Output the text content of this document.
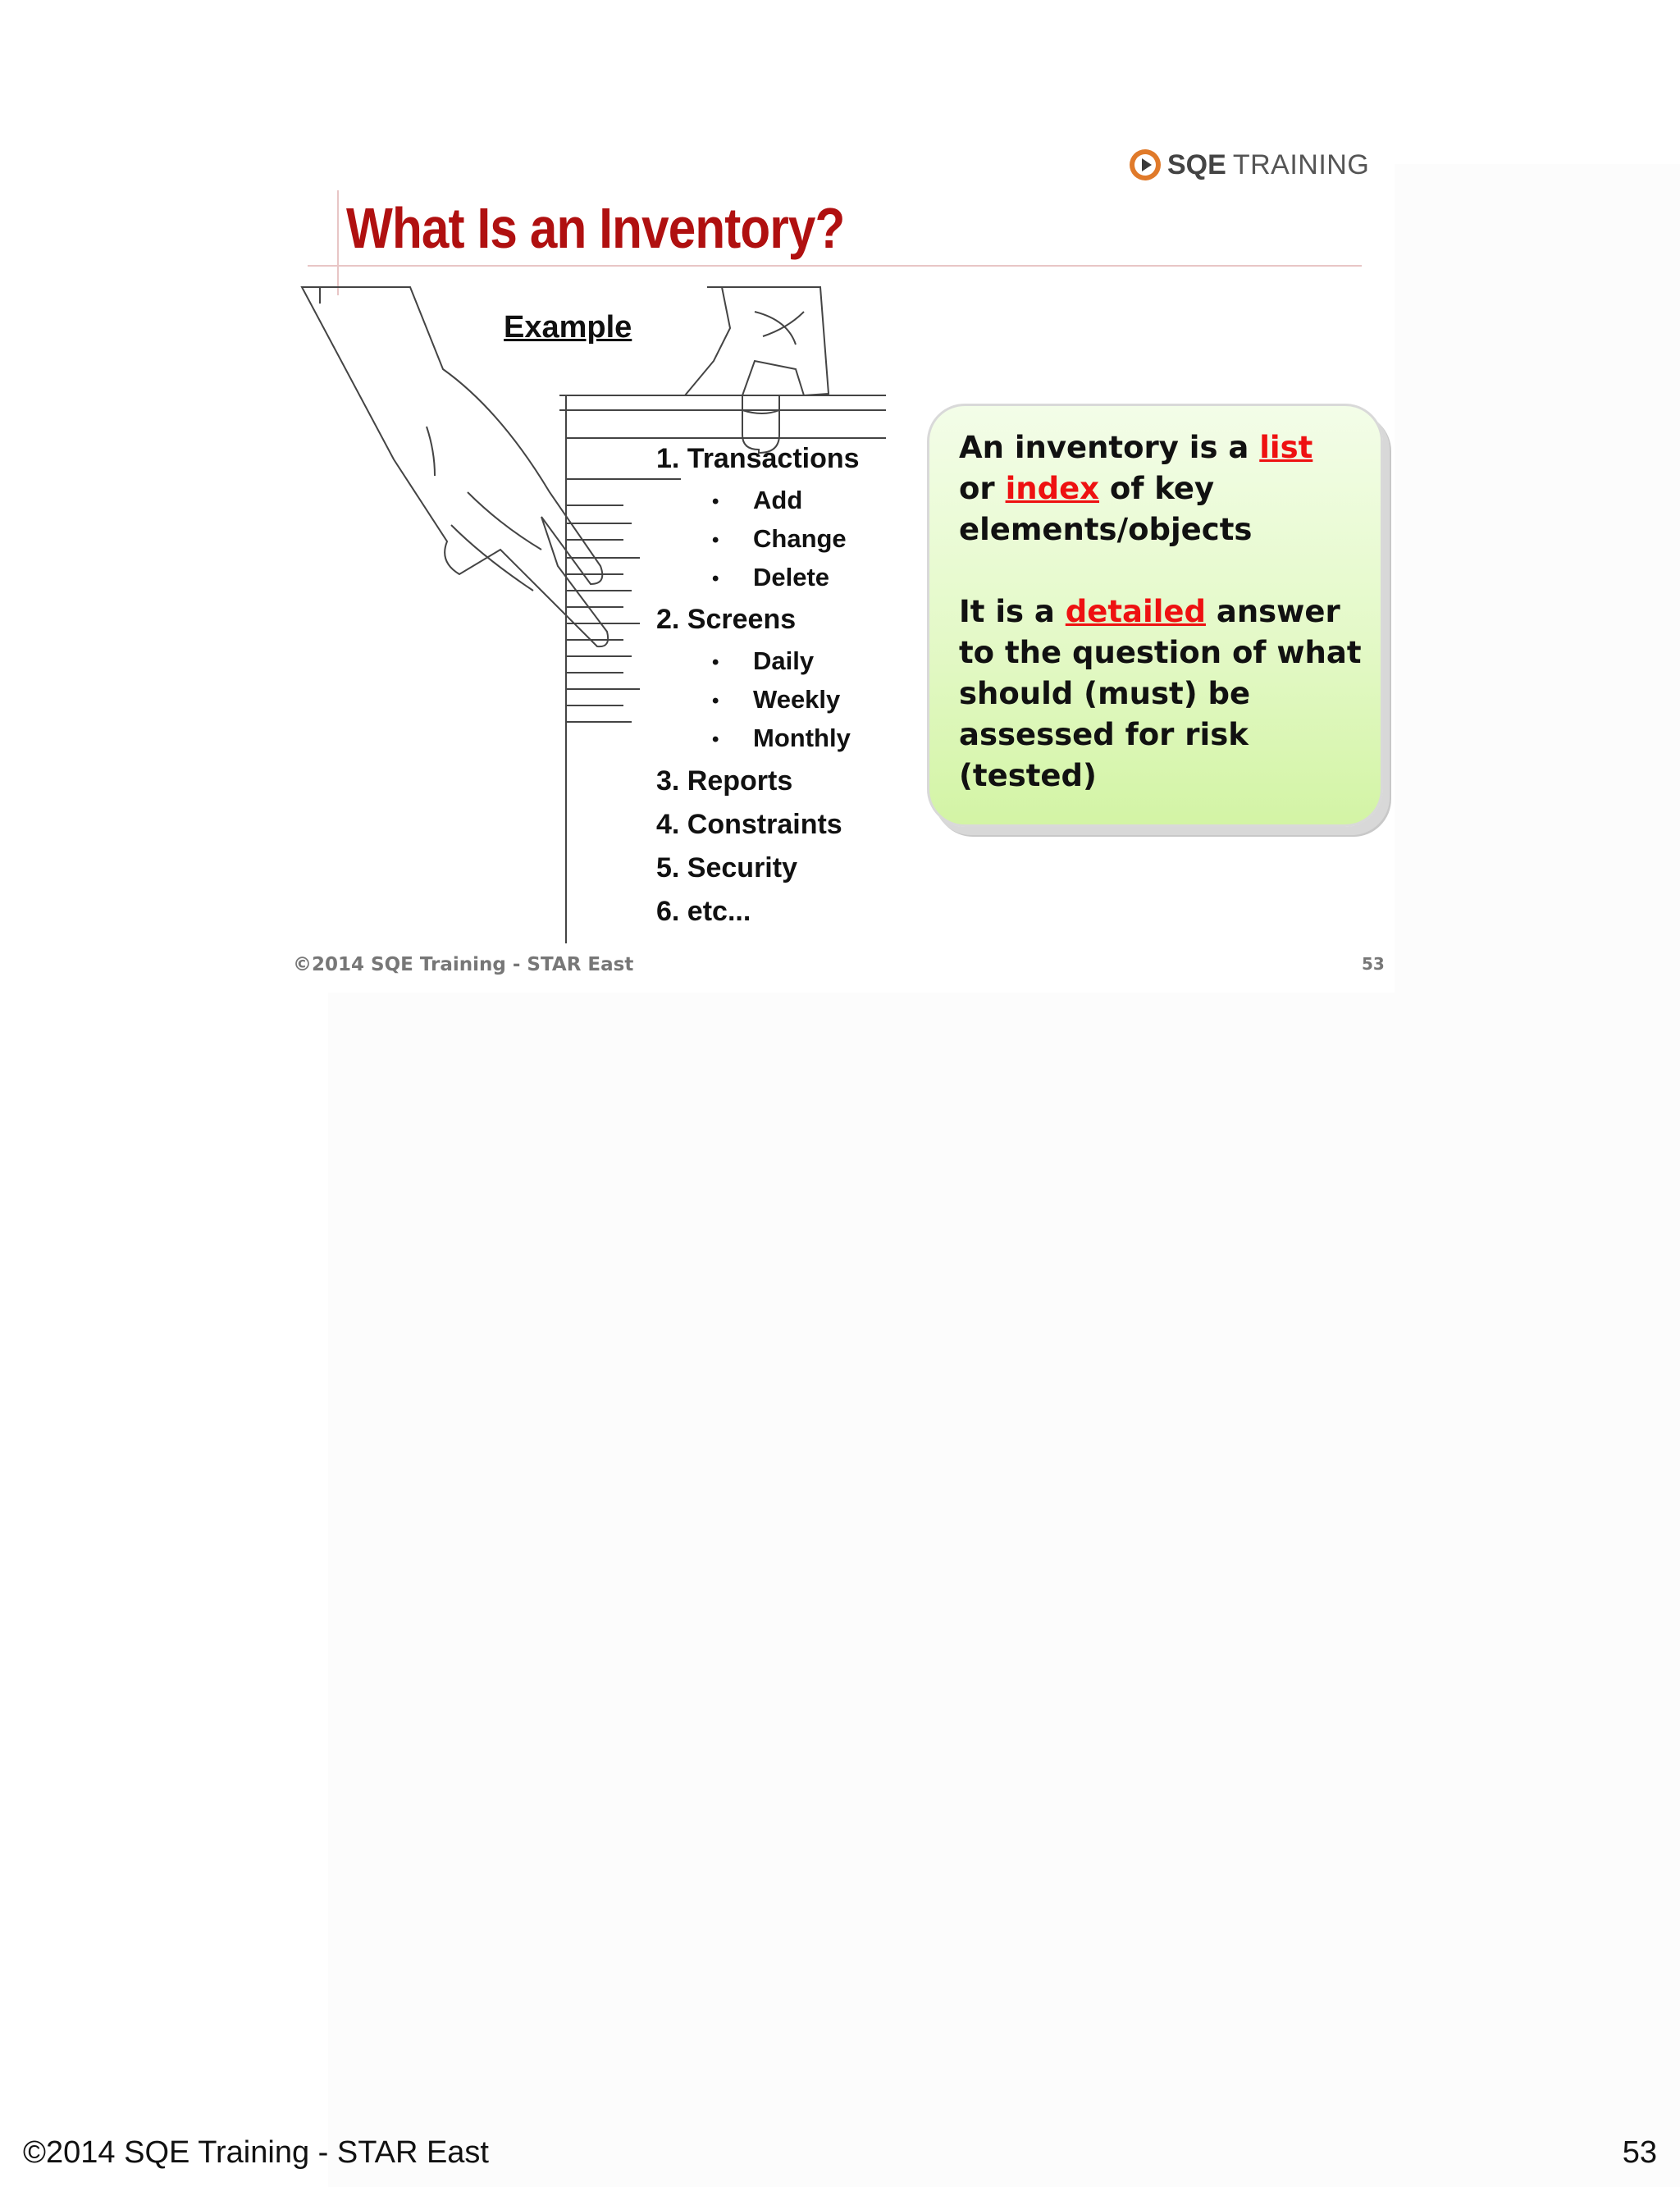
SQE TRAINING
What Is an Inventory?
Example
1. Transactions
• Add
• Change
• Delete
2. Screens
• Daily
• Weekly
• Monthly
3. Reports
4. Constraints
5. Security
6. etc...
An inventory is a list
or index of key elements/objects
It is a detailed answer to the question of what should (must) be assessed for risk (tested)
©2014 SQE Training - STAR East	53
©2014 SQE Training - STAR East	53
